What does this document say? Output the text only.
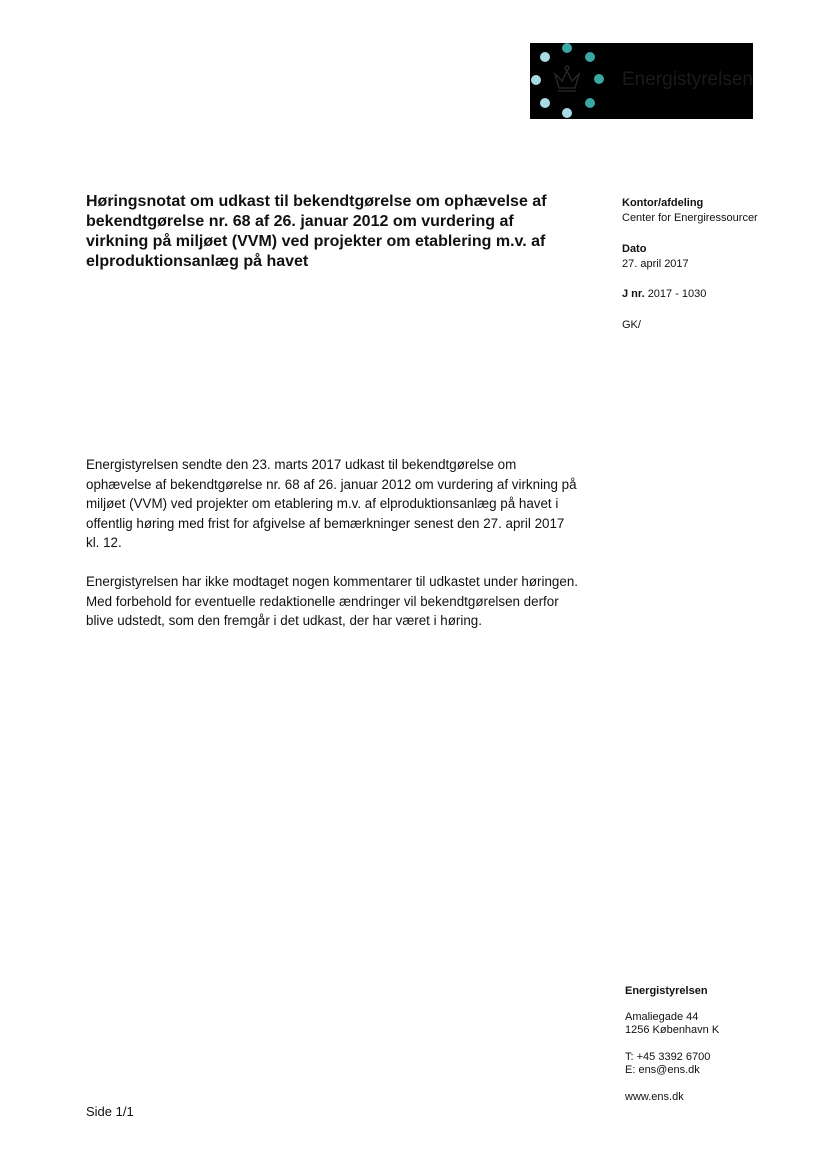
Energistyrelsen
Høringsnotat om udkast til bekendtgørelse om ophævelse af
bekendtgørelse nr. 68 af 26. januar 2012 om vurdering af
virkning på miljøet (VVM) ved projekter om etablering m.v. af
elproduktionsanlæg på havet
Kontor/afdeling
Center for Energiressourcer
Dato
27. april 2017
J nr. 2017 - 1030
GK/

Energistyrelsen sendte den 23. marts 2017 udkast til bekendtgørelse om
ophævelse af bekendtgørelse nr. 68 af 26. januar 2012 om vurdering af virkning på
miljøet (VVM) ved projekter om etablering m.v. af elproduktionsanlæg på havet i
offentlig høring med frist for afgivelse af bemærkninger senest den 27. april 2017
kl. 12.

Energistyrelsen har ikke modtaget nogen kommentarer til udkastet under høringen.
Med forbehold for eventuelle redaktionelle ændringer vil bekendtgørelsen derfor
blive udstedt, som den fremgår i det udkast, der har været i høring.

Energistyrelsen
Amaliegade 44
1256 København K
T: +45 3392 6700
E: ens@ens.dk
www.ens.dk
Side 1/1
